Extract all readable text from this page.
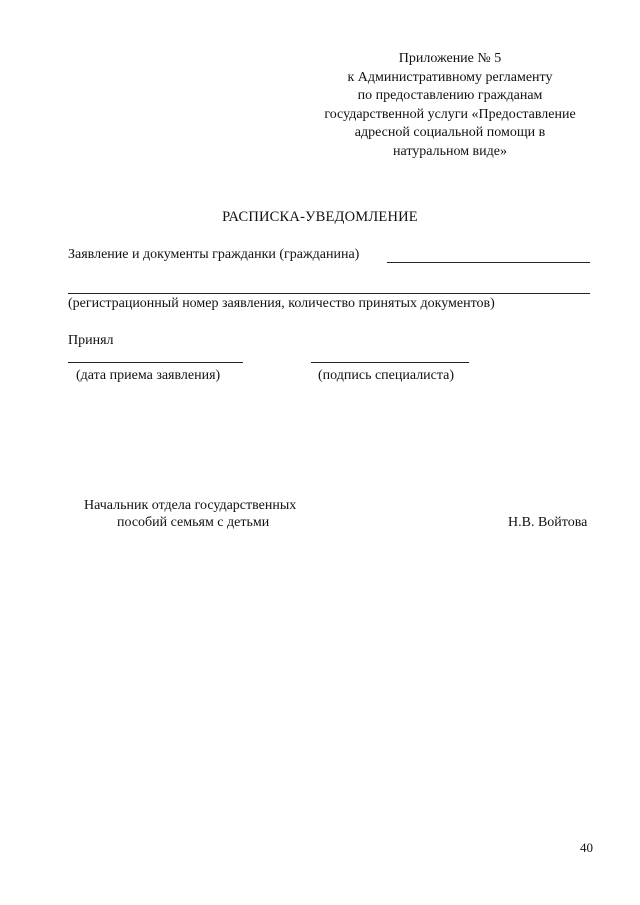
Приложение № 5
к Административному регламенту
по предоставлению гражданам
государственной услуги «Предоставление
адресной социальной помощи в
натуральном виде»
РАСПИСКА-УВЕДОМЛЕНИЕ
Заявление и документы гражданки (гражданина)
(регистрационный номер заявления, количество принятых документов)
Принял
(дата приема заявления)	(подпись специалиста)
Начальник отдела государственных
пособий семьям с детьми	Н.В. Войтова
40
